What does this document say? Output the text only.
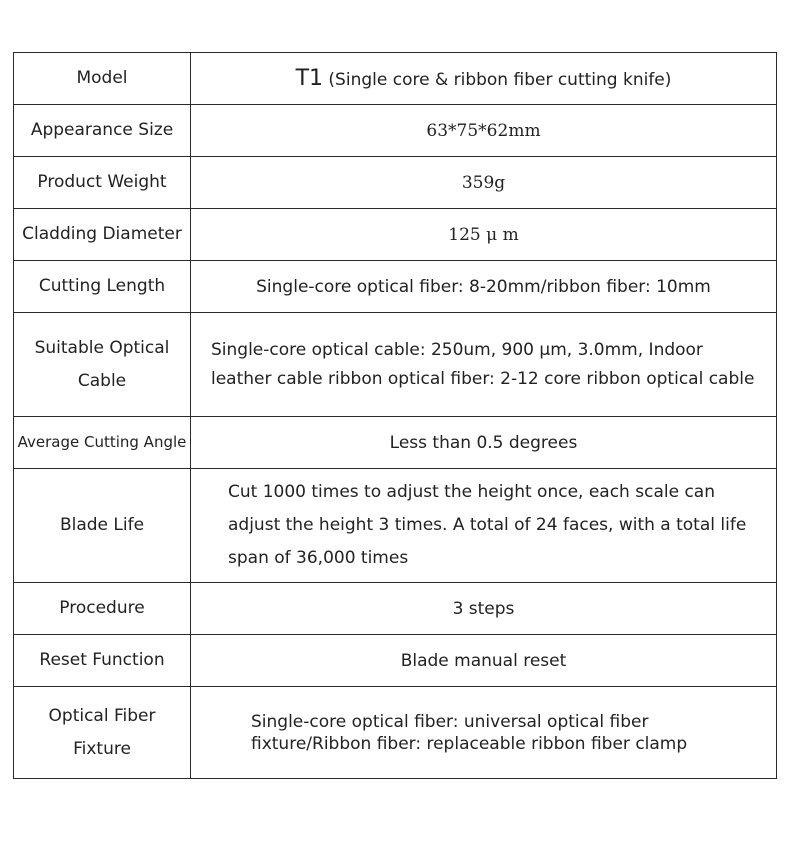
Model	T1 (Single core & ribbon fiber cutting knife)
Appearance Size	63*75*62mm
Product Weight	359g
Cladding Diameter	125 μ m
Cutting Length	Single-core optical fiber: 8-20mm/ribbon fiber: 10mm

Suitable Optical
Cable	Single-core optical cable: 250um, 900 μm, 3.0mm, Indoor leather cable ribbon optical fiber: 2-12 core ribbon optical cable

Average Cutting Angle	Less than 0.5 degrees
Blade Life	Cut 1000 times to adjust the height once, each scale can adjust the height 3 times. A total of 24 faces, with a total life span of 36,000 times

Procedure	3 steps
Reset Function	Blade manual reset

Optical Fiber
Fixture	Single-core optical fiber: universal optical fiber fixture/Ribbon fiber: replaceable ribbon fiber clamp
